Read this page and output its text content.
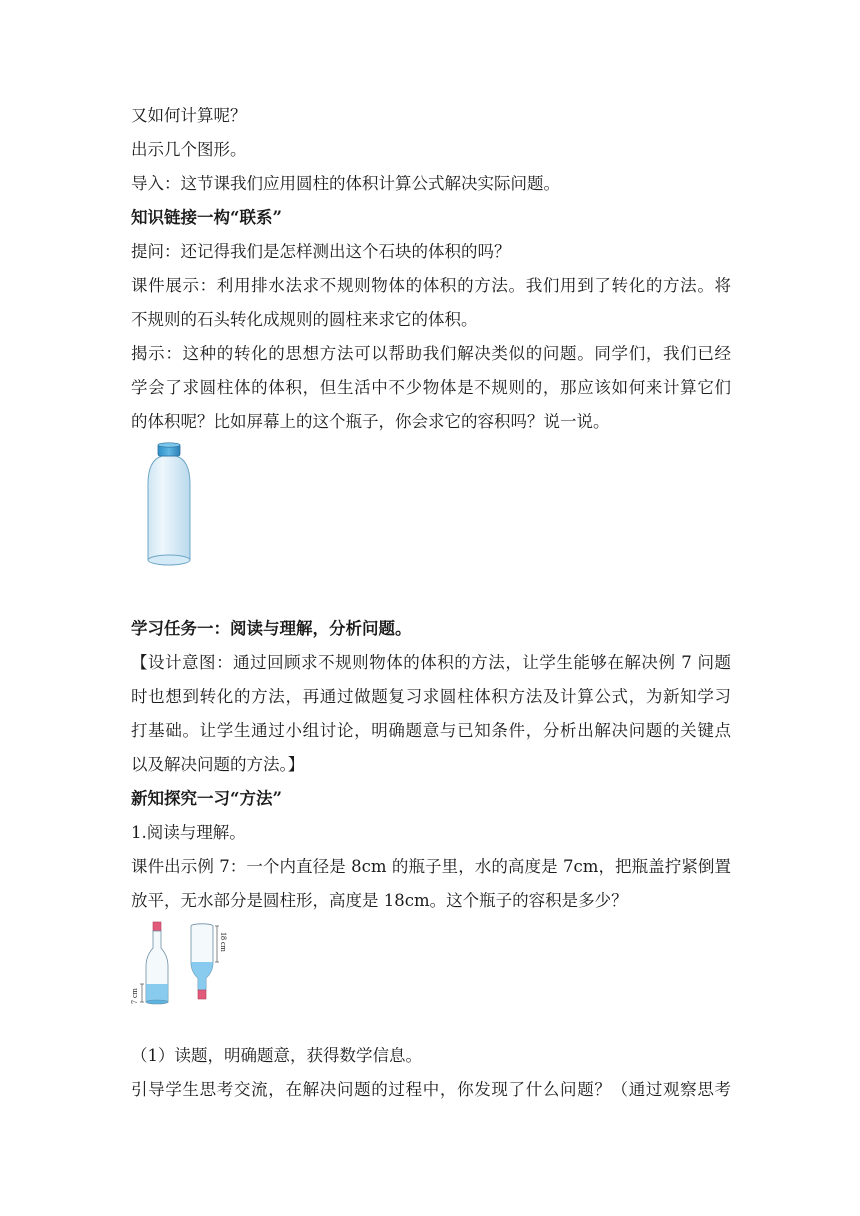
又如何计算呢？
出示几个图形。
导入：这节课我们应用圆柱的体积计算公式解决实际问题。
知识链接一构“联系”
提问：还记得我们是怎样测出这个石块的体积的吗？
课件展示：利用排水法求不规则物体的体积的方法。我们用到了转化的方法。将
不规则的石头转化成规则的圆柱来求它的体积。
揭示：这种的转化的思想方法可以帮助我们解决类似的问题。同学们，我们已经
学会了求圆柱体的体积，但生活中不少物体是不规则的，那应该如何来计算它们
的体积呢？比如屏幕上的这个瓶子，你会求它的容积吗？说一说。
学习任务一：阅读与理解，分析问题。
【设计意图：通过回顾求不规则物体的体积的方法，让学生能够在解决例 7 问题
时也想到转化的方法，再通过做题复习求圆柱体积方法及计算公式，为新知学习
打基础。让学生通过小组讨论，明确题意与已知条件，分析出解决问题的关键点
以及解决问题的方法。】
新知探究一习“方法”
1.阅读与理解。
课件出示例 7：一个内直径是 8cm 的瓶子里，水的高度是 7cm，把瓶盖拧紧倒置
放平，无水部分是圆柱形，高度是 18cm。这个瓶子的容积是多少？
7 cm
18 cm
（1）读题，明确题意，获得数学信息。
引导学生思考交流，在解决问题的过程中，你发现了什么问题？（通过观察思考
